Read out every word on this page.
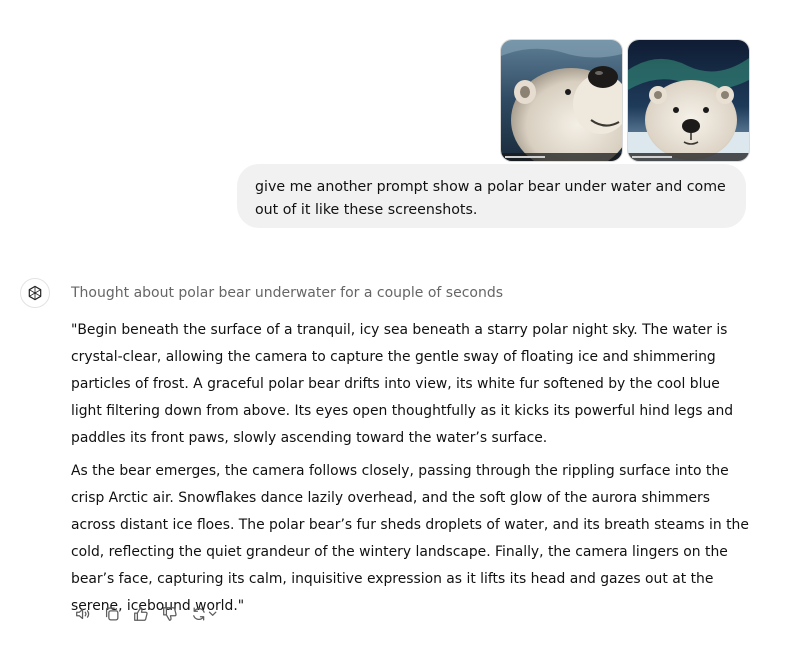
give me another prompt show a polar bear under water and come out of it like these screenshots.
Thought about polar bear underwater for a couple of seconds

"Begin beneath the surface of a tranquil, icy sea beneath a starry polar night sky. The water is crystal-clear, allowing the camera to capture the gentle sway of floating ice and shimmering particles of frost. A graceful polar bear drifts into view, its white fur softened by the cool blue light filtering down from above. Its eyes open thoughtfully as it kicks its powerful hind legs and paddles its front paws, slowly ascending toward the water’s surface.

As the bear emerges, the camera follows closely, passing through the rippling surface into the crisp Arctic air. Snowflakes dance lazily overhead, and the soft glow of the aurora shimmers across distant ice floes. The polar bear’s fur sheds droplets of water, and its breath steams in the cold, reflecting the quiet grandeur of the wintery landscape. Finally, the camera lingers on the bear’s face, capturing its calm, inquisitive expression as it lifts its head and gazes out at the serene, icebound world."
